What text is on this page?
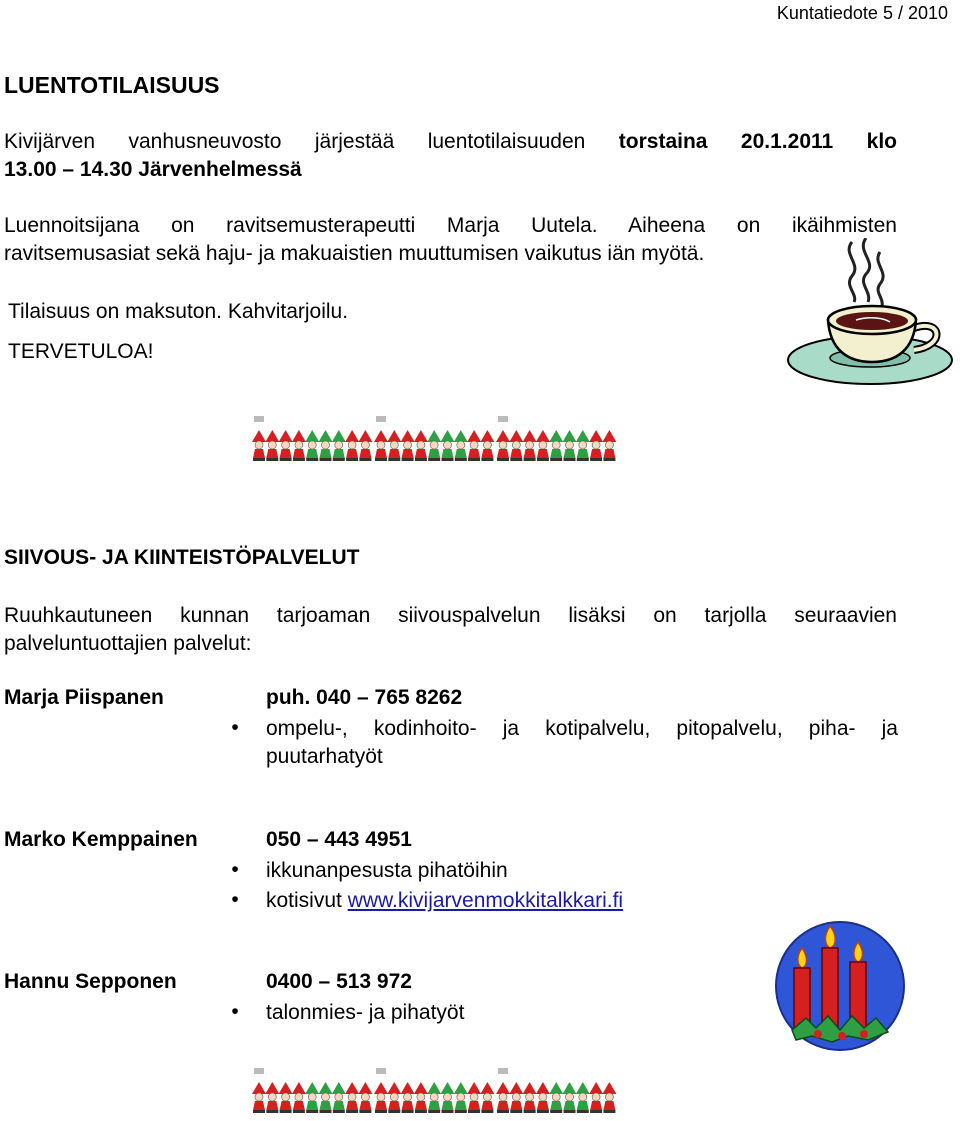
Kuntatiedote 5 / 2010
LUENTOTILAISUUS

Kivijärven vanhusneuvosto järjestää luentotilaisuuden torstaina 20.1.2011 klo

13.00 – 14.30 Järvenhelmessä

Luennoitsijana on ravitsemusterapeutti Marja Uutela. Aiheena on ikäihmisten

ravitsemusasiat sekä haju- ja makuaistien muuttumisen vaikutus iän myötä.

Tilaisuus on maksuton. Kahvitarjoilu.

TERVETULOA!

SIIVOUS- JA KIINTEISTÖPALVELUT

Ruuhkautuneen kunnan tarjoaman siivouspalvelun lisäksi on tarjolla seuraavien

palveluntuottajien palvelut:

Marja Piispanen	puh. 040 – 765 8262
• ompelu-, kodinhoito- ja kotipalvelu, pitopalvelu, piha- ja
puutarhatyöt
Marko Kemppainen	050 – 443 4951
• ikkunanpesusta pihatöihin
• kotisivut www.kivijarvenmokkitalkkari.fi
Hannu Sepponen	0400 – 513 972
• talonmies- ja pihatyöt
